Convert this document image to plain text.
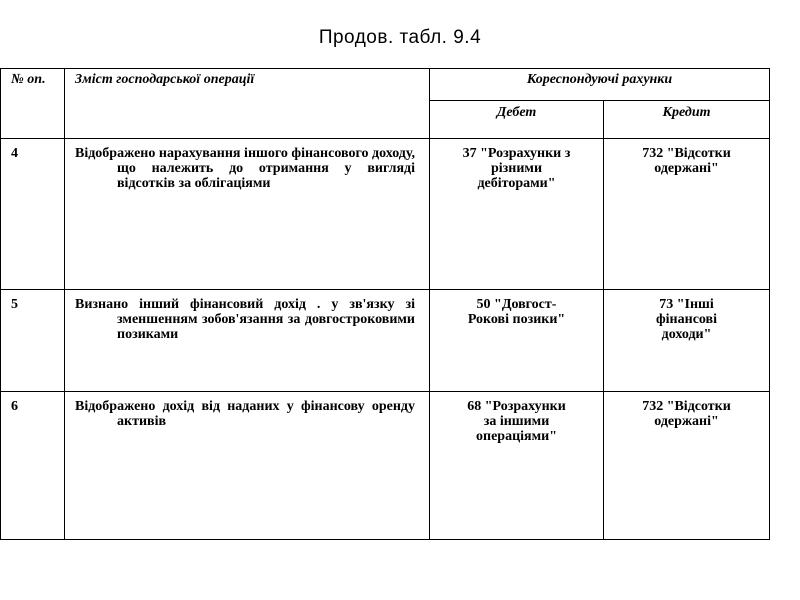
Продов. табл. 9.4
№ оп.	Зміст господарської операції	Кореспондуючі рахунки	
		Дебет	Кредит
4	Відображено нарахування іншого фінансового доходу, що належить до отримання у вигляді відсотків за облігаціями	37 "Розрахунки з різними дебіторами"	732 "Відсотки одержані"
5	Визнано інший фінансовий дохід . у зв'язку зі зменшенням зобов'язання за довгостроковими позиками	50 "Довгост-Рокові позики"	73 "Інші фінансові доходи"
6	Відображено дохід від наданих у фінансову оренду активів	68 "Розрахунки за іншими операціями"	732 "Відсотки одержані"
